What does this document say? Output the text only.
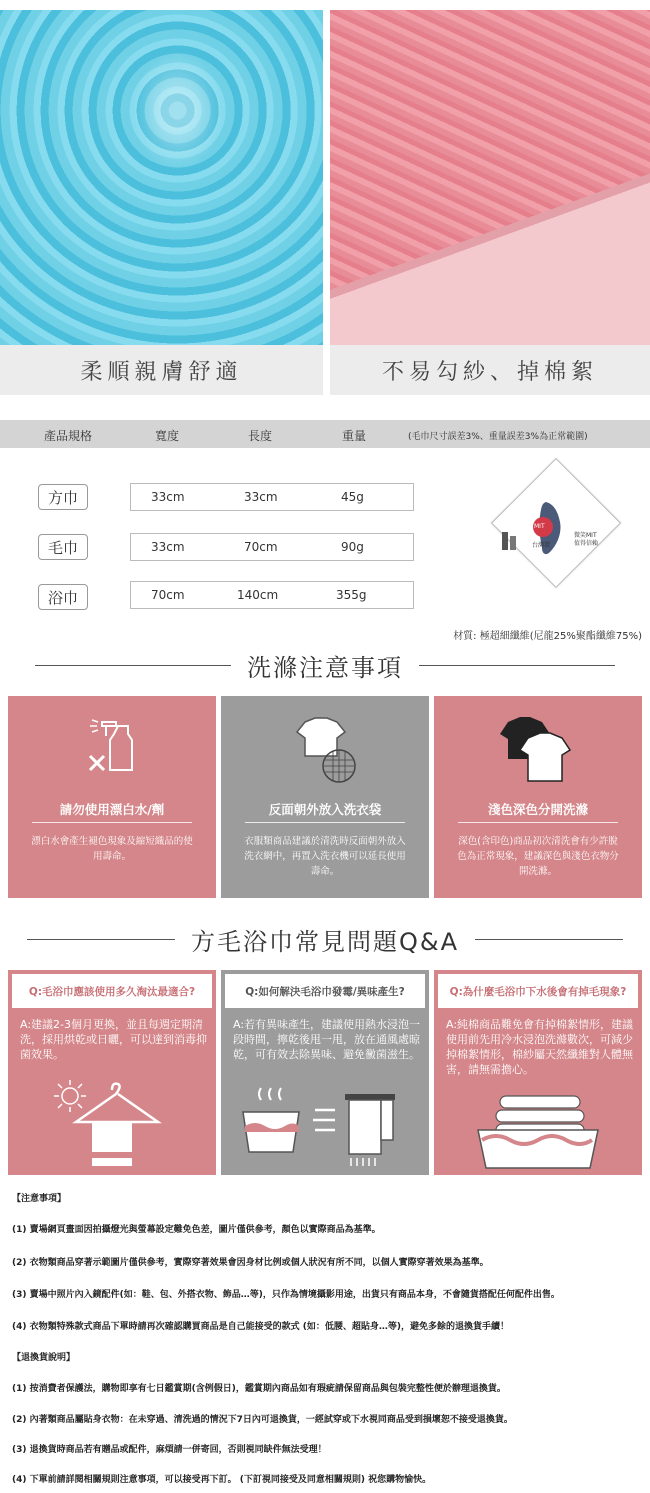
柔順親膚舒適	不易勾紗、掉棉絮
產品規格	寬度	長度	重量	(毛巾尺寸誤差3%、重量誤差3%為正常範圍)
方巾	33cm	33cm	45g
毛巾	33cm	70cm	90g
浴巾	70cm	140cm	355g
MIT
台灣製
微笑MIT
值得信賴
材質: 極超細纖維(尼龍25%聚酯纖維75%)
洗滌注意事項
請勿使用漂白水/劑
漂白水會產生褪色現象及縮短織品的使用壽命。
反面朝外放入洗衣袋
衣服類商品建議於清洗時反面朝外放入洗衣網中，再置入洗衣機可以延長使用壽命。
淺色深色分開洗滌
深色(含印色)商品初次清洗會有少許脫色為正常現象，建議深色與淺色衣物分開洗滌。
方毛浴巾常見問題Q&A
Q:毛浴巾應該使用多久淘汰最適合?
A:建議2-3個月更換，並且每週定期清洗，採用烘乾或日曬，可以達到消毒抑菌效果。
Q:如何解決毛浴巾發霉/異味產生?
A:若有異味產生，建議使用熱水浸泡一段時間，擰乾後甩一甩，放在通風處晾乾，可有效去除異味、避免黴菌滋生。
Q:為什麼毛浴巾下水後會有掉毛現象?
A:純棉商品難免會有掉棉絮情形，建議使用前先用冷水浸泡洗滌數次，可減少掉棉絮情形，棉紗屬天然纖維對人體無害，請無需擔心。
【注意事項】
(1) 賣場網頁畫面因拍攝燈光與螢幕設定難免色差，圖片僅供參考，顏色以實際商品為基準。
(2) 衣物類商品穿著示範圖片僅供參考，實際穿著效果會因身材比例或個人狀況有所不同，以個人實際穿著效果為基準。
(3) 賣場中照片內入鏡配件(如：鞋、包、外搭衣物、飾品…等)，只作為情境攝影用途，出貨只有商品本身，不會隨貨搭配任何配件出售。
(4) 衣物類特殊款式商品下單時請再次確認購買商品是自己能接受的款式 (如：低腰、超貼身…等)，避免多餘的退換貨手續！
【退換貨說明】
(1) 按消費者保護法，購物即享有七日鑑賞期(含例假日)，鑑賞期內商品如有瑕疵請保留商品與包裝完整性便於辦理退換貨。
(2) 內著類商品屬貼身衣物：在未穿過、清洗過的情況下7日內可退換貨，一經試穿或下水視同商品受到損壞恕不接受退換貨。
(3) 退換貨時商品若有贈品或配件，麻煩請一併寄回，否則視同缺件無法受理！
(4) 下單前請詳閱相關規則注意事項，可以接受再下訂。 (下訂視同接受及同意相關規則) 祝您購物愉快。
